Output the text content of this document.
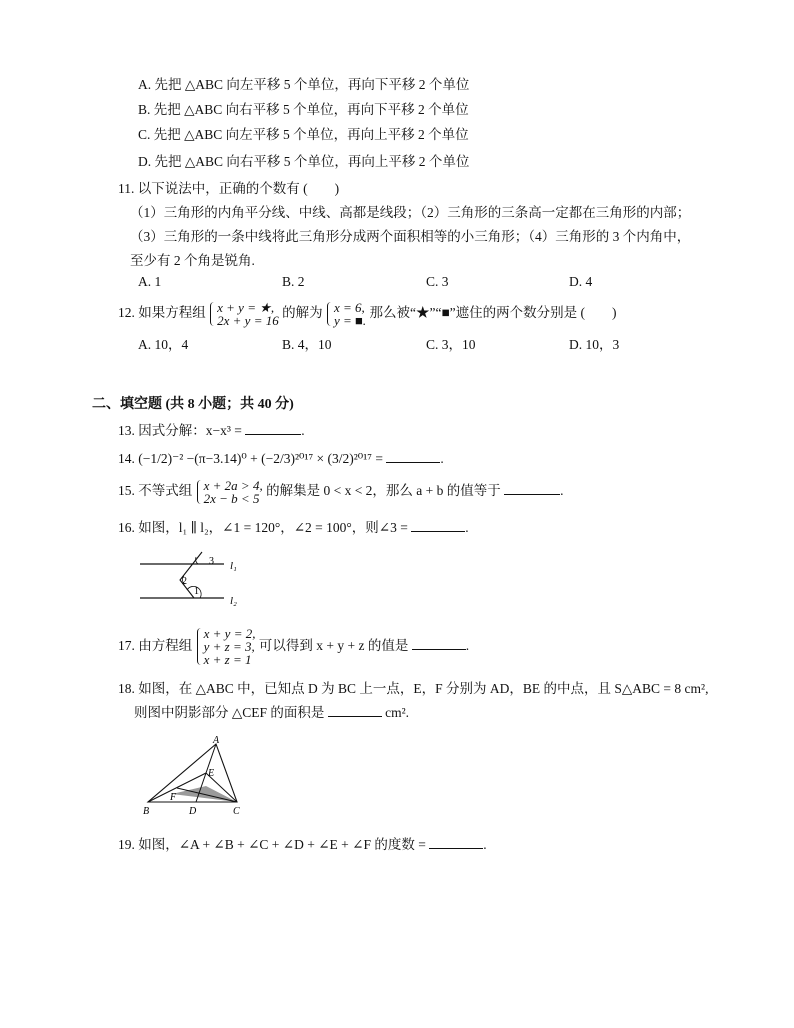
A. 先把 △ABC 向左平移 5 个单位，再向下平移 2 个单位
B. 先把 △ABC 向右平移 5 个单位，再向下平移 2 个单位
C. 先把 △ABC 向左平移 5 个单位，再向上平移 2 个单位
D. 先把 △ABC 向右平移 5 个单位，再向上平移 2 个单位
11. 以下说法中，正确的个数有 (　　)
（1）三角形的内角平分线、中线、高都是线段；（2）三角形的三条高一定都在三角形的内部；
（3）三角形的一条中线将此三角形分成两个面积相等的小三角形；（4）三角形的 3 个内角中，
至少有 2 个角是锐角.
A. 1	B. 2	C. 3	D. 4
12. 如果方程组 x + y = ★,
2x + y = 16
的解为 x = 6,
y = ■.
那么被“★”“■”遮住的两个数分别是 (　　)
A. 10，4	B. 4，10	C. 3，10	D. 10，3
二、填空题 (共 8 小题；共 40 分)
13. 因式分解：x−x³ =	.
14. (−1/2)⁻² −(π−3.14)⁰ + (−2/3)²⁰¹⁷ × (3/2)²⁰¹⁷ =	.
15. 不等式组 x + 2a > 4,
2x − b < 5
的解集是 0 < x < 2，那么 a + b 的值等于	.
16. 如图，l₁ ∥ l₂，∠1 = 120°，∠2 = 100°，则∠3 =	.
3
2
1
l₁
l₂
17. 由方程组
x + y = 2,
y + z = 3,
x + z = 1
可以得到 x + y + z 的值是	.
18. 如图，在 △ABC 中，已知点 D 为 BC 上一点，E，F 分别为 AD，BE 的中点，且 S△ABC = 8 cm²,
则图中阴影部分 △CEF 的面积是	cm².
A
B	C
D
E
F
19. 如图，∠A + ∠B + ∠C + ∠D + ∠E + ∠F 的度数 =	.
